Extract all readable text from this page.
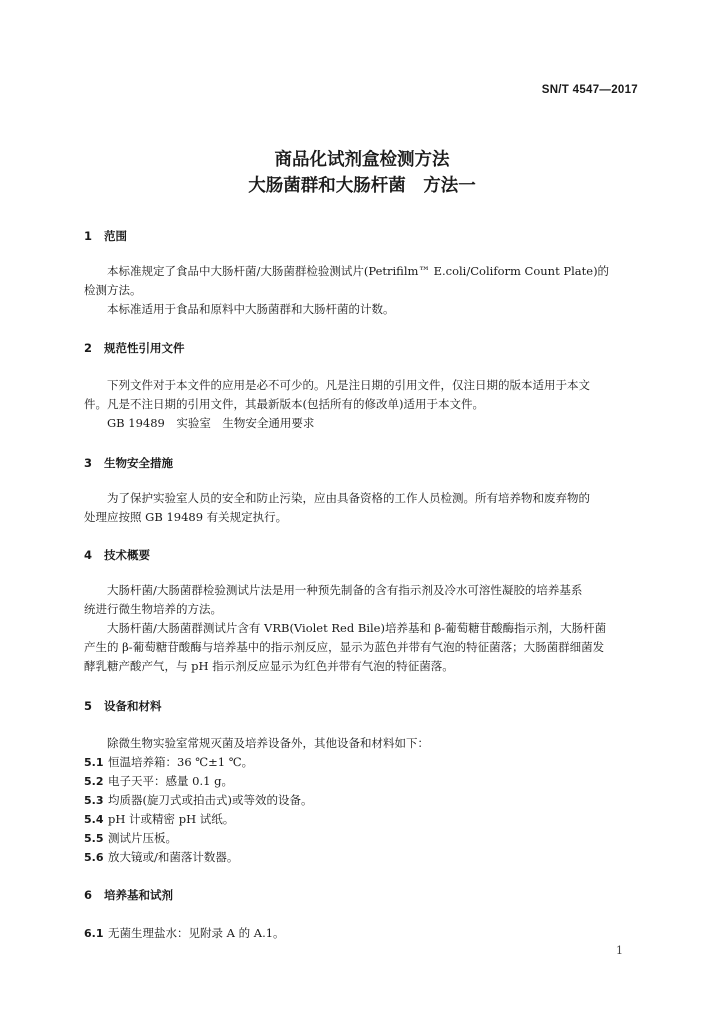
SN/T 4547—2017
商品化试剂盒检测方法
大肠菌群和大肠杆菌　方法一
1 范围
本标准规定了食品中大肠杆菌/大肠菌群检验测试片(Petrifilm™ E.coli/Coliform Count Plate)的
检测方法。
本标准适用于食品和原料中大肠菌群和大肠杆菌的计数。
2 规范性引用文件
下列文件对于本文件的应用是必不可少的。凡是注日期的引用文件，仅注日期的版本适用于本文
件。凡是不注日期的引用文件，其最新版本(包括所有的修改单)适用于本文件。
GB 19489　实验室　生物安全通用要求
3 生物安全措施
为了保护实验室人员的安全和防止污染，应由具备资格的工作人员检测。所有培养物和废弃物的
处理应按照 GB 19489 有关规定执行。
4 技术概要
大肠杆菌/大肠菌群检验测试片法是用一种预先制备的含有指示剂及冷水可溶性凝胶的培养基系
统进行微生物培养的方法。
大肠杆菌/大肠菌群测试片含有 VRB(Violet Red Bile)培养基和 β-葡萄糖苷酸酶指示剂，大肠杆菌
产生的 β-葡萄糖苷酸酶与培养基中的指示剂反应，显示为蓝色并带有气泡的特征菌落；大肠菌群细菌发
酵乳糖产酸产气，与 pH 指示剂反应显示为红色并带有气泡的特征菌落。
5 设备和材料
除微生物实验室常规灭菌及培养设备外，其他设备和材料如下：
5.1 恒温培养箱：36 ℃±1 ℃。
5.2 电子天平：感量 0.1 g。
5.3 均质器(旋刀式或拍击式)或等效的设备。
5.4 pH 计或精密 pH 试纸。
5.5 测试片压板。
5.6 放大镜或/和菌落计数器。
6 培养基和试剂
6.1 无菌生理盐水：见附录 A 的 A.1。
1
